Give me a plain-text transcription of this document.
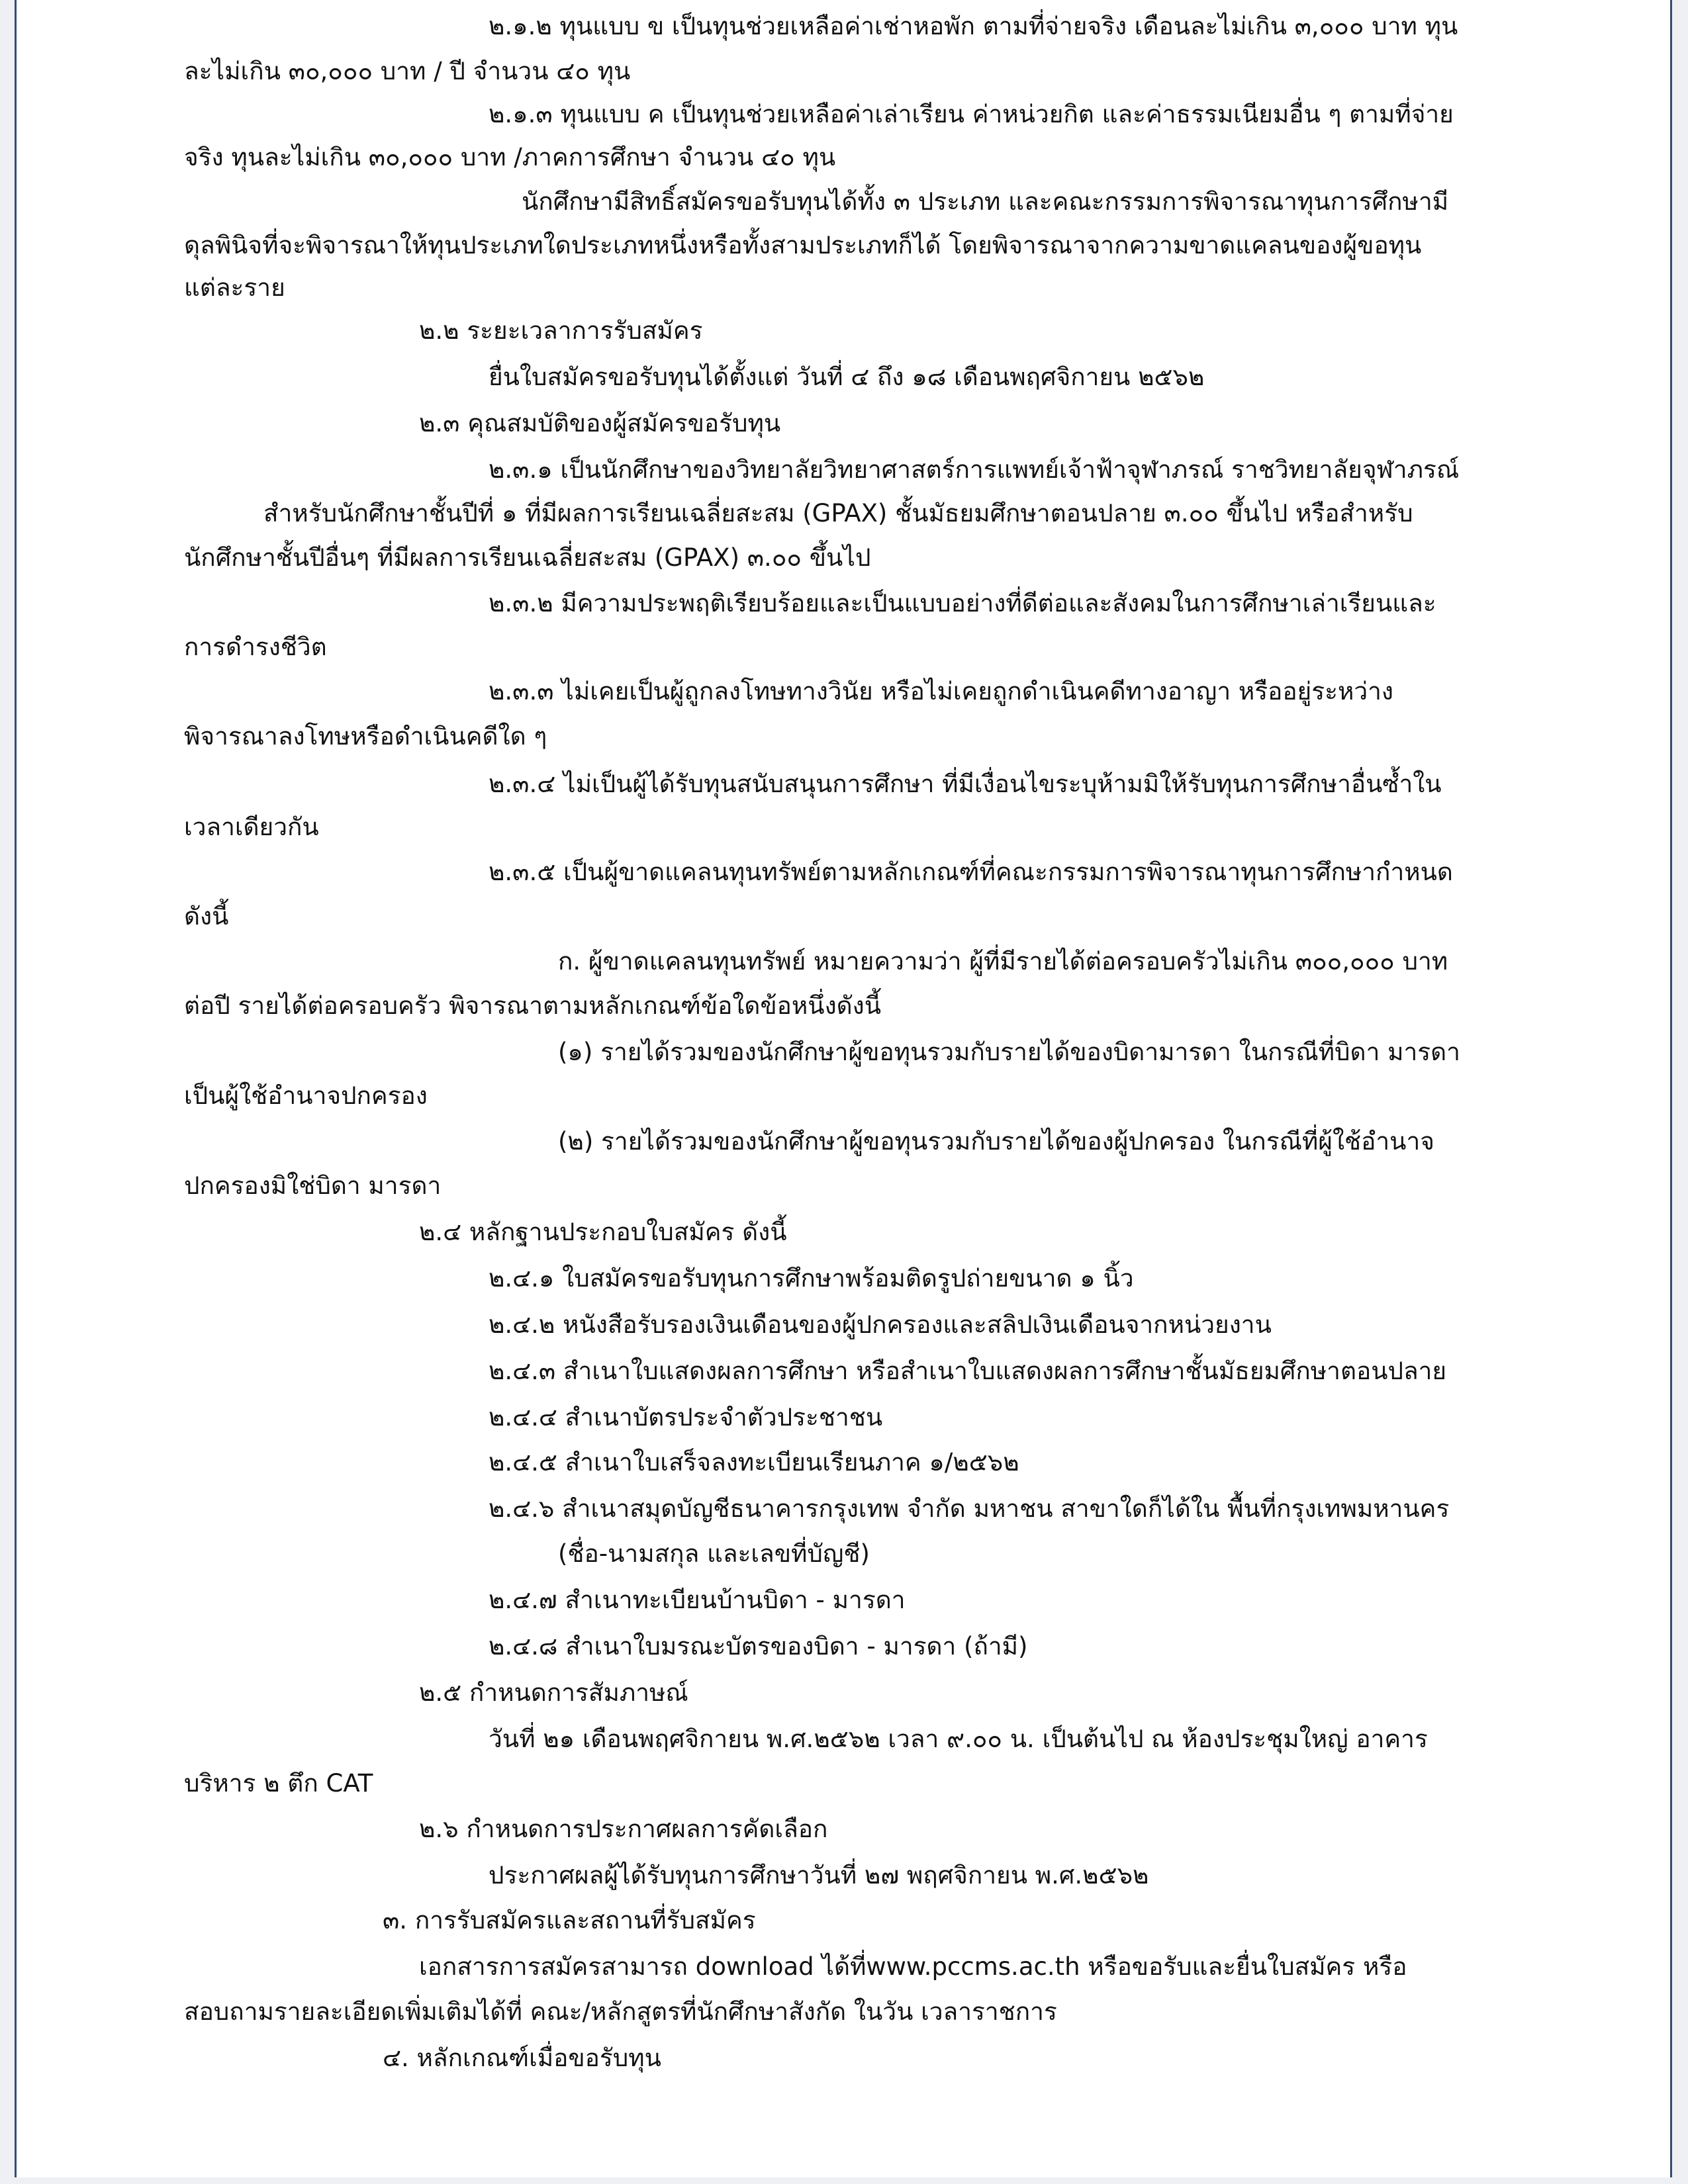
๒.๑.๒ ทุนแบบ ข เป็นทุนช่วยเหลือค่าเช่าหอพัก ตามที่จ่ายจริง เดือนละไม่เกิน ๓,๐๐๐ บาท ทุน
ละไม่เกิน ๓๐,๐๐๐ บาท / ปี จำนวน ๔๐ ทุน
๒.๑.๓ ทุนแบบ ค เป็นทุนช่วยเหลือค่าเล่าเรียน ค่าหน่วยกิต และค่าธรรมเนียมอื่น ๆ ตามที่จ่าย
จริง ทุนละไม่เกิน ๓๐,๐๐๐ บาท /ภาคการศึกษา จำนวน ๔๐ ทุน
นักศึกษามีสิทธิ์สมัครขอรับทุนได้ทั้ง ๓ ประเภท และคณะกรรมการพิจารณาทุนการศึกษามี
ดุลพินิจที่จะพิจารณาให้ทุนประเภทใดประเภทหนึ่งหรือทั้งสามประเภทก็ได้ โดยพิจารณาจากความขาดแคลนของผู้ขอทุน
แต่ละราย
๒.๒ ระยะเวลาการรับสมัคร
ยื่นใบสมัครขอรับทุนได้ตั้งแต่ วันที่ ๔ ถึง ๑๘ เดือนพฤศจิกายน ๒๕๖๒
๒.๓ คุณสมบัติของผู้สมัครขอรับทุน
๒.๓.๑ เป็นนักศึกษาของวิทยาลัยวิทยาศาสตร์การแพทย์เจ้าฟ้าจุฬาภรณ์ ราชวิทยาลัยจุฬาภรณ์
สำหรับนักศึกษาชั้นปีที่ ๑ ที่มีผลการเรียนเฉลี่ยสะสม (GPAX) ชั้นมัธยมศึกษาตอนปลาย ๓.๐๐ ขึ้นไป หรือสำหรับ
นักศึกษาชั้นปีอื่นๆ ที่มีผลการเรียนเฉลี่ยสะสม (GPAX) ๓.๐๐ ขึ้นไป
๒.๓.๒ มีความประพฤติเรียบร้อยและเป็นแบบอย่างที่ดีต่อและสังคมในการศึกษาเล่าเรียนและ
การดำรงชีวิต
๒.๓.๓ ไม่เคยเป็นผู้ถูกลงโทษทางวินัย หรือไม่เคยถูกดำเนินคดีทางอาญา หรืออยู่ระหว่าง
พิจารณาลงโทษหรือดำเนินคดีใด ๆ
๒.๓.๔ ไม่เป็นผู้ได้รับทุนสนับสนุนการศึกษา ที่มีเงื่อนไขระบุห้ามมิให้รับทุนการศึกษาอื่นซ้ำใน
เวลาเดียวกัน
๒.๓.๕ เป็นผู้ขาดแคลนทุนทรัพย์ตามหลักเกณฑ์ที่คณะกรรมการพิจารณาทุนการศึกษากำหนด
ดังนี้
ก. ผู้ขาดแคลนทุนทรัพย์ หมายความว่า ผู้ที่มีรายได้ต่อครอบครัวไม่เกิน ๓๐๐,๐๐๐ บาท
ต่อปี รายได้ต่อครอบครัว พิจารณาตามหลักเกณฑ์ข้อใดข้อหนึ่งดังนี้
(๑) รายได้รวมของนักศึกษาผู้ขอทุนรวมกับรายได้ของบิดามารดา ในกรณีที่บิดา มารดา
เป็นผู้ใช้อำนาจปกครอง
(๒) รายได้รวมของนักศึกษาผู้ขอทุนรวมกับรายได้ของผู้ปกครอง ในกรณีที่ผู้ใช้อำนาจ
ปกครองมิใช่บิดา มารดา
๒.๔ หลักฐานประกอบใบสมัคร ดังนี้
๒.๔.๑ ใบสมัครขอรับทุนการศึกษาพร้อมติดรูปถ่ายขนาด ๑ นิ้ว
๒.๔.๒ หนังสือรับรองเงินเดือนของผู้ปกครองและสลิปเงินเดือนจากหน่วยงาน
๒.๔.๓ สำเนาใบแสดงผลการศึกษา หรือสำเนาใบแสดงผลการศึกษาชั้นมัธยมศึกษาตอนปลาย
๒.๔.๔ สำเนาบัตรประจำตัวประชาชน
๒.๔.๕ สำเนาใบเสร็จลงทะเบียนเรียนภาค ๑/๒๕๖๒
๒.๔.๖ สำเนาสมุดบัญชีธนาคารกรุงเทพ จำกัด มหาชน สาขาใดก็ได้ใน พื้นที่กรุงเทพมหานคร
(ชื่อ-นามสกุล และเลขที่บัญชี)
๒.๔.๗ สำเนาทะเบียนบ้านบิดา - มารดา
๒.๔.๘ สำเนาใบมรณะบัตรของบิดา - มารดา (ถ้ามี)
๒.๕ กำหนดการสัมภาษณ์
วันที่ ๒๑ เดือนพฤศจิกายน พ.ศ.๒๕๖๒ เวลา ๙.๐๐ น. เป็นต้นไป ณ ห้องประชุมใหญ่ อาคาร
บริหาร ๒ ตึก CAT
๒.๖ กำหนดการประกาศผลการคัดเลือก
ประกาศผลผู้ได้รับทุนการศึกษาวันที่ ๒๗ พฤศจิกายน พ.ศ.๒๕๖๒
๓. การรับสมัครและสถานที่รับสมัคร
เอกสารการสมัครสามารถ download ได้ที่www.pccms.ac.th หรือขอรับและยื่นใบสมัคร หรือ
สอบถามรายละเอียดเพิ่มเติมได้ที่ คณะ/หลักสูตรที่นักศึกษาสังกัด ในวัน เวลาราชการ
๔. หลักเกณฑ์เมื่อขอรับทุน
